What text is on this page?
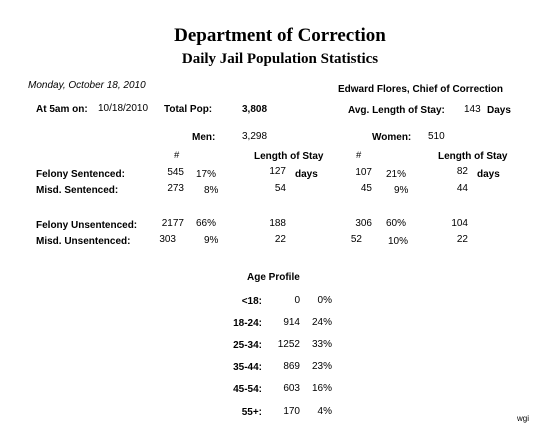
Department of Correction
Daily Jail Population Statistics
Monday, October 18, 2010	Edward Flores, Chief of Correction
At 5am on: 10/18/2010 Total Pop:	3,808	Avg. Length of Stay: 143 Days
Men:	3,298	Women: 510
#	Length of Stay	#	Length of Stay
Felony Sentenced:	545 17%	127 days	107 21%	82 days
Misd. Sentenced:	273 8%	54	45 9%	44
Felony Unsentenced:	2177 66%	188	306 60%	104
Misd. Unsentenced:	303	9%	22	52	10%	22
Age Profile
<18:	0	0%
18-24:	914	24%
25-34:	1252	33%
35-44:	869	23%
45-54:	603	16%
55+:	170	4%
wgi
